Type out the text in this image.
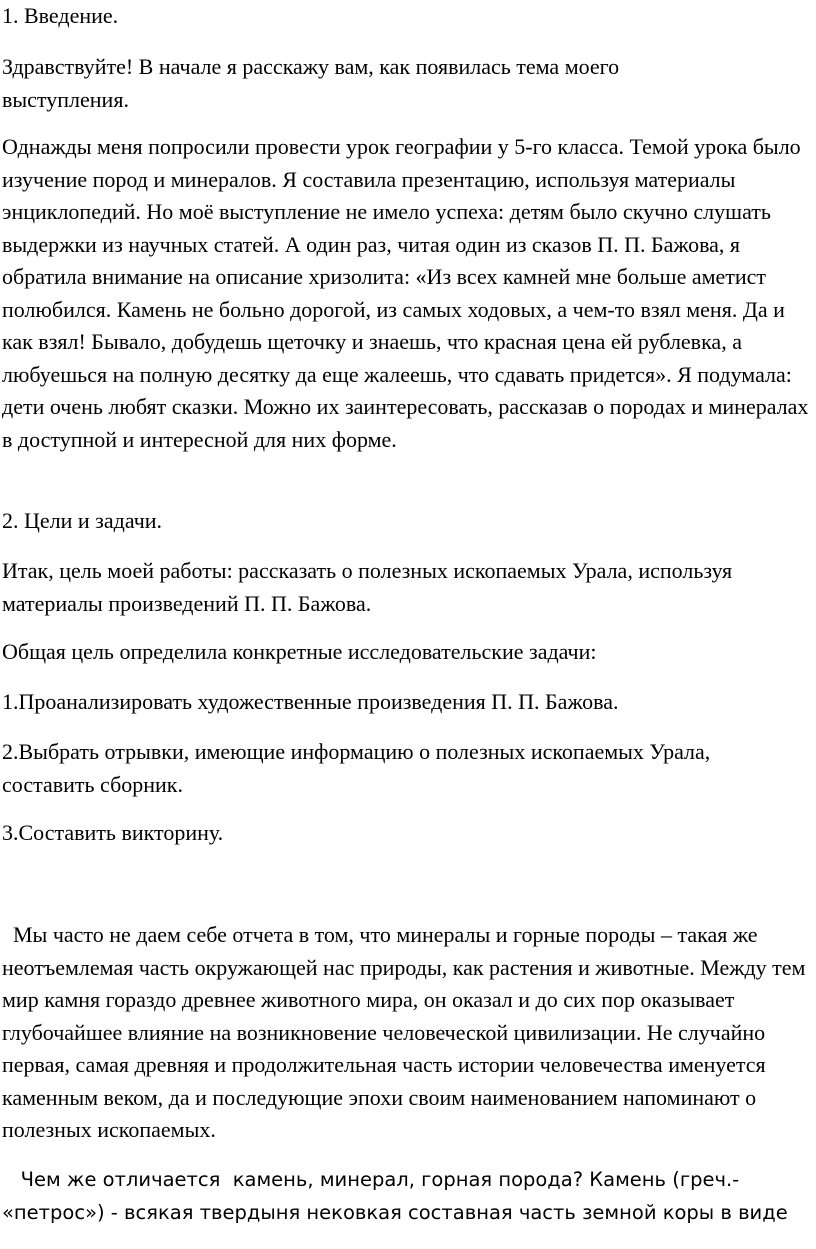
1. Введение.

Здравствуйте! В начале я расскажу вам, как появилась тема моего выступления.

Однажды меня попросили провести урок географии у 5-го класса. Темой урока было изучение пород и минералов. Я составила презентацию, используя материалы энциклопедий. Но моё выступление не имело успеха: детям было скучно слушать выдержки из научных статей. А один раз, читая один из сказов П. П. Бажова, я обратила внимание на описание хризолита: «Из всех камней мне больше аметист полюбился. Камень не больно дорогой, из самых ходовых, а чем-то взял меня. Да и как взял! Бывало, добудешь щеточку и знаешь, что красная цена ей рублевка, а любуешься на полную десятку да еще жалеешь, что сдавать придется». Я подумала: дети очень любят сказки. Можно их заинтересовать, рассказав о породах и минералах в доступной и интересной для них форме.

2. Цели и задачи.

Итак, цель моей работы: рассказать о полезных ископаемых Урала, используя материалы произведений П. П. Бажова.

Общая цель определила конкретные исследовательские задачи:

1.Проанализировать художественные произведения П. П. Бажова.

2.Выбрать отрывки, имеющие информацию о полезных ископаемых Урала, составить сборник.

3.Составить викторину.

Мы часто не даем себе отчета в том, что минералы и горные породы – такая же неотъемлемая часть окружающей нас природы, как растения и животные. Между тем мир камня гораздо древнее животного мира, он оказал и до сих пор оказывает глубочайшее влияние на возникновение человеческой цивилизации. Не случайно первая, самая древняя и продолжительная часть истории человечества именуется каменным веком, да и последующие эпохи своим наименованием напоминают о полезных ископаемых.

Чем же отличается  камень, минерал, горная порода? Камень (греч.- «петрос») - всякая твердыня нековкая составная часть земной коры в виде
